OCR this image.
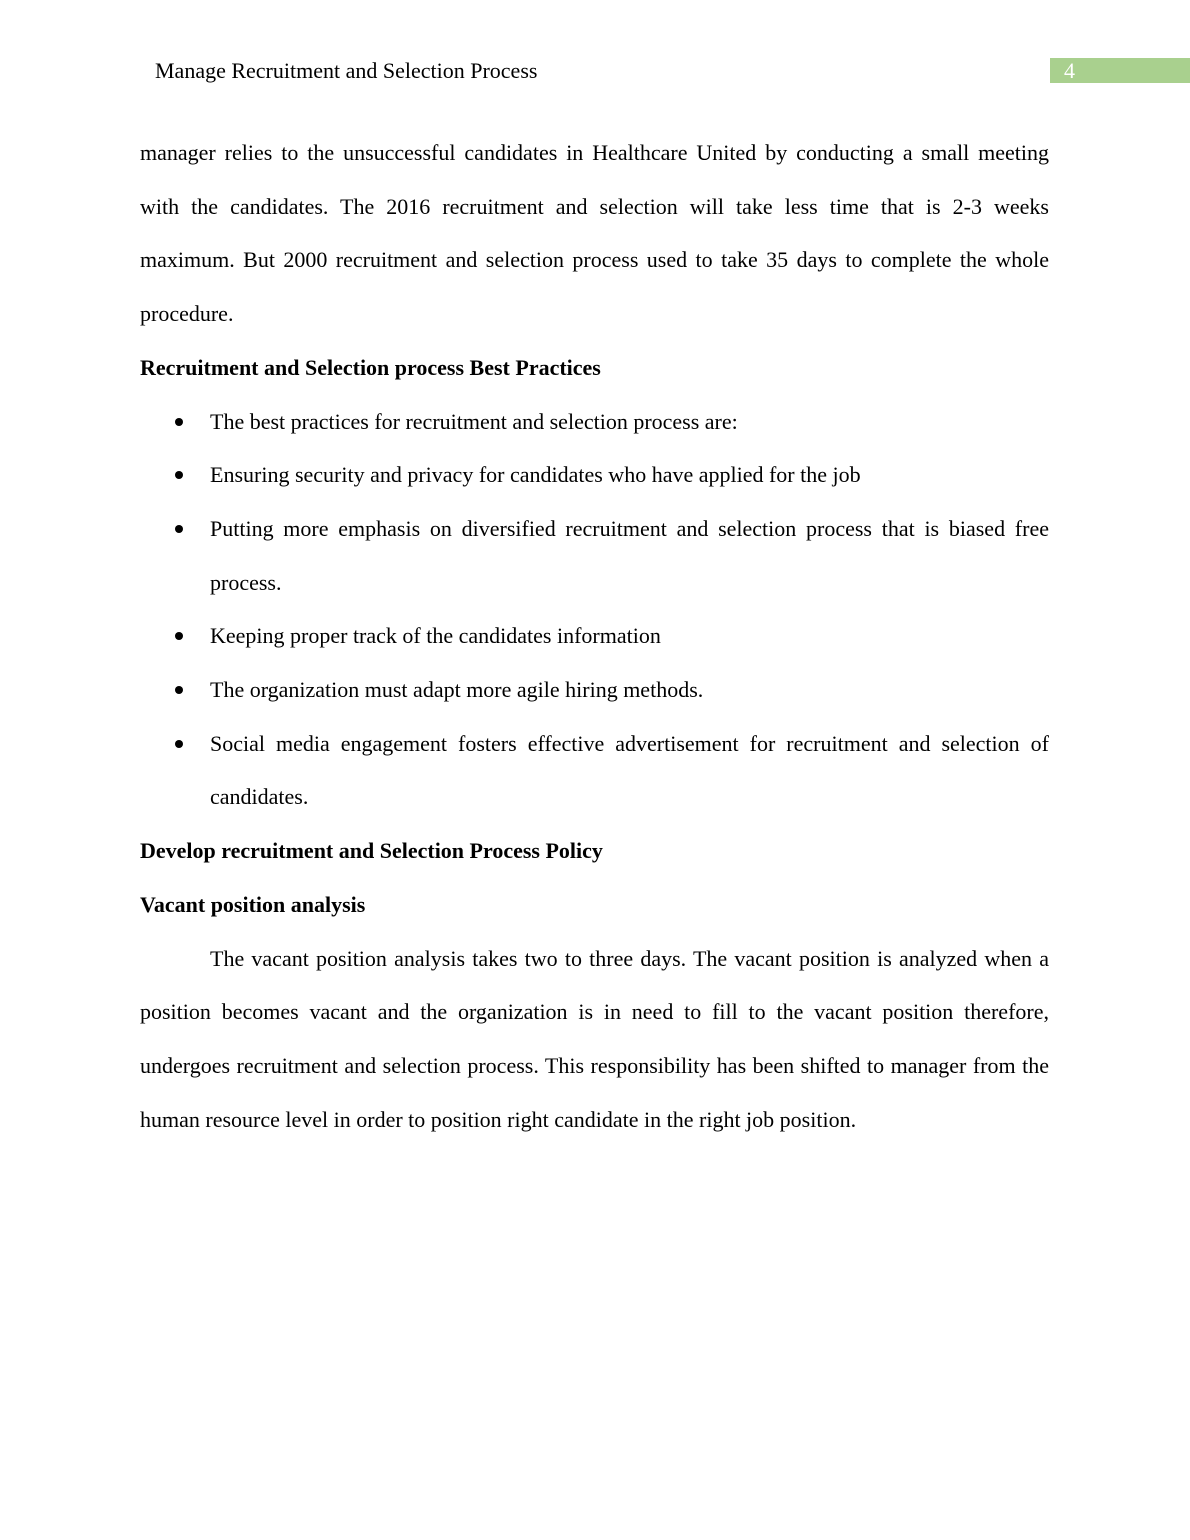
Manage Recruitment and Selection Process	4

manager relies to the unsuccessful candidates in Healthcare United by conducting a small meeting with the candidates. The 2016 recruitment and selection will take less time that is 2-3 weeks maximum. But 2000 recruitment and selection process used to take 35 days to complete the whole procedure.

Recruitment and Selection process Best Practices
The best practices for recruitment and selection process are:
Ensuring security and privacy for candidates who have applied for the job
Putting more emphasis on diversified recruitment and selection process that is biased free process.
Keeping proper track of the candidates information
The organization must adapt more agile hiring methods.
Social media engagement fosters effective advertisement for recruitment and selection of candidates.
Develop recruitment and Selection Process Policy
Vacant position analysis

The vacant position analysis takes two to three days. The vacant position is analyzed when a position becomes vacant and the organization is in need to fill to the vacant position therefore, undergoes recruitment and selection process. This responsibility has been shifted to manager from the human resource level in order to position right candidate in the right job position.
